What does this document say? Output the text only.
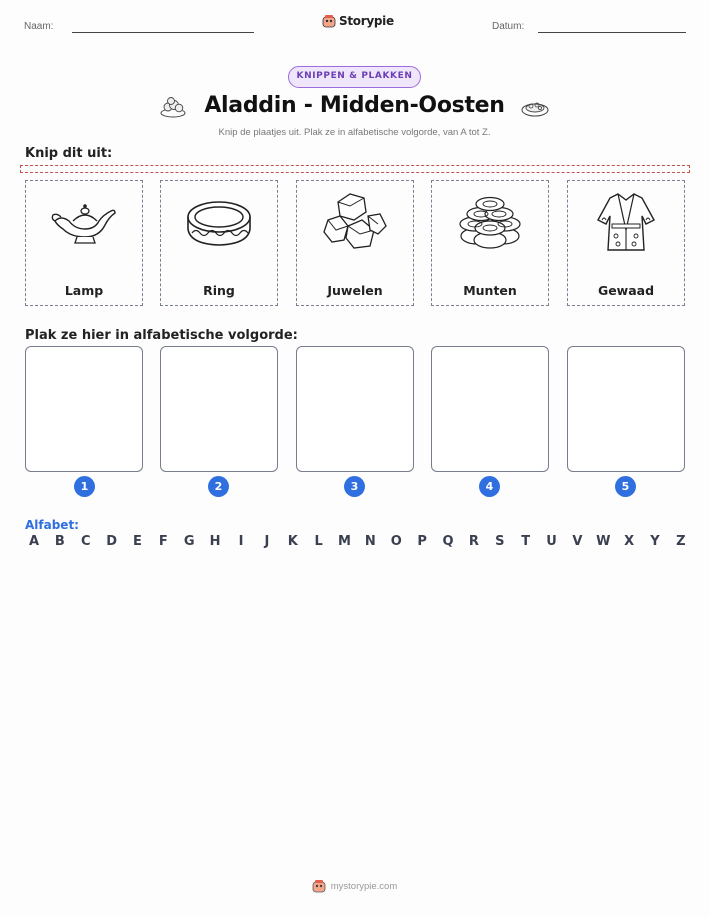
Naam:	Storypie	Datum:
KNIPPEN & PLAKKEN
Aladdin - Midden-Oosten
Knip de plaatjes uit. Plak ze in alfabetische volgorde, van A tot Z.
Knip dit uit:
Lamp	Ring	Juwelen	Munten	Gewaad
Plak ze hier in alfabetische volgorde:
1	2	3	4	5
Alfabet:
A	B	C	D	E	F	G H	I	J	K	L	M N O	P	Q	R	S	T	U	V	W	X	Y	Z
mystorypie.com
